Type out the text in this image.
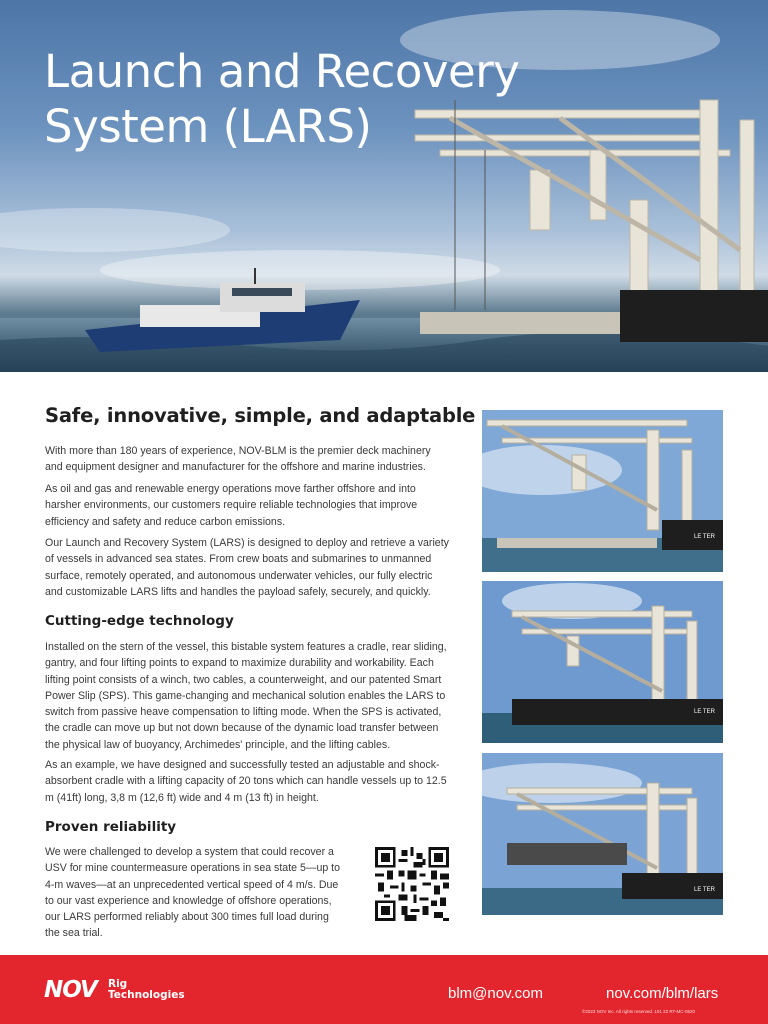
Launch and Recovery
System (LARS)
Safe, innovative, simple, and adaptable

With more than 180 years of experience, NOV-BLM is the premier deck machinery and equipment designer and manufacturer for the offshore and marine industries.

As oil and gas and renewable energy operations move farther offshore and into harsher environments, our customers require reliable technologies that improve efficiency and safety and reduce carbon emissions.

Our Launch and Recovery System (LARS) is designed to deploy and retrieve a variety of vessels in advanced sea states. From crew boats and submarines to unmanned surface, remotely operated, and autonomous underwater vehicles, our fully electric and customizable LARS lifts and handles the payload safely, securely, and quickly.

Cutting-edge technology

Installed on the stern of the vessel, this bistable system features a cradle, rear sliding, gantry, and four lifting points to expand to maximize durability and workability. Each lifting point consists of a winch, two cables, a counterweight, and our patented Smart Power Slip (SPS). This game-changing and mechanical solution enables the LARS to switch from passive heave compensation to lifting mode. When the SPS is activated, the cradle can move up but not down because of the dynamic load transfer between the physical law of buoyancy, Archimedes' principle, and the lifting cables.

As an example, we have designed and successfully tested an adjustable and shock-absorbent cradle with a lifting capacity of 20 tons which can handle vessels up to 12.5 m (41ft) long, 3,8 m (12,6 ft) wide and 4 m (13 ft) in height.

Proven reliability

We were challenged to develop a system that could recover a USV for mine countermeasure operations in sea state 5—up to 4-m waves—at an unprecedented vertical speed of 4 m/s. Due to our vast experience and knowledge of offshore operations, our LARS performed reliably about 300 times full load during the sea trial.

LE TER
LE TER
LE TER
NOV Rig
Technologies	blm@nov.com	nov.com/blm/lars
©2023 NOV Inc. All rights reserved. 101 22 RT-MC-0520
